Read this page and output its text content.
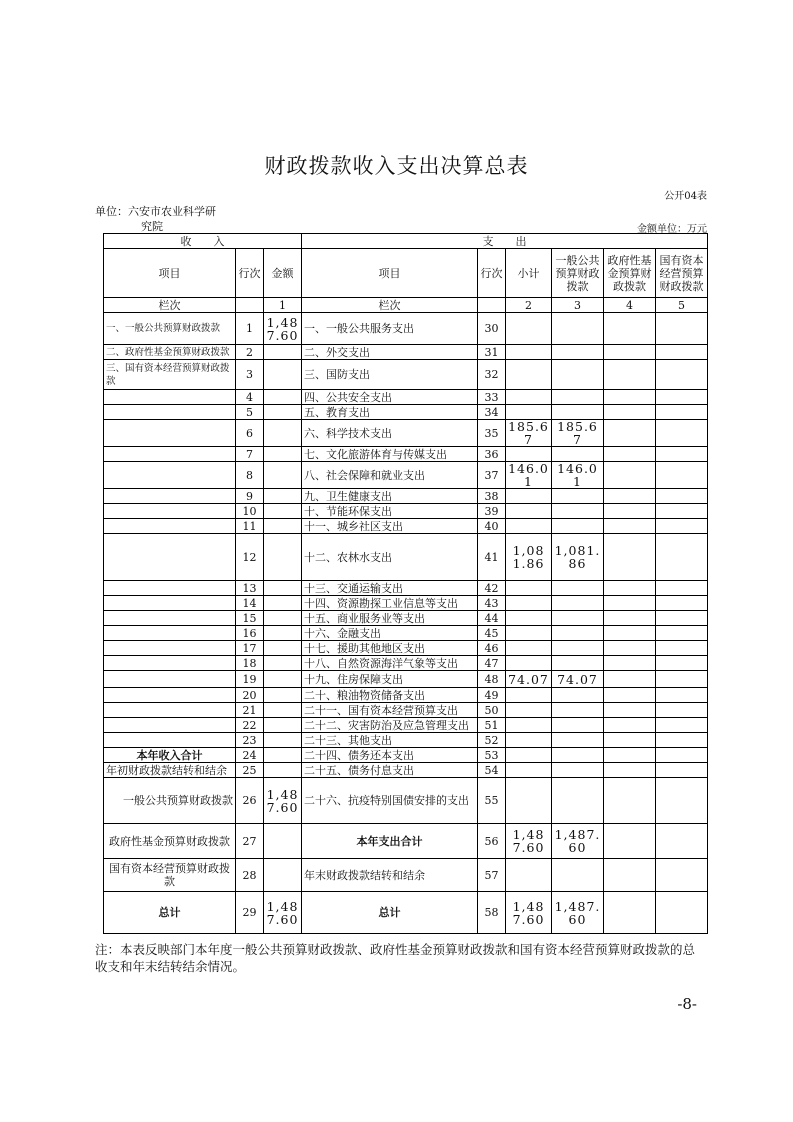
财政拨款收入支出决算总表
公开04表
单位：六安市农业科学研
究院	金额单位：万元
收　　入			支　　出					
项目	行次	金额	项目	行次	小计	一般公共预算财政拨款	政府性基金预算财政拨款	国有资本经营预算财政拨款
栏次		1	栏次		2	3	4	5
一、一般公共预算财政拨款	1	1,487.60	一、一般公共服务支出	30				
二、政府性基金预算财政拨款	2		二、外交支出	31				
三、国有资本经营预算财政拨款	3		三、国防支出	32				
	4		四、公共安全支出	33				
	5		五、教育支出	34				
	6		六、科学技术支出	35	185.67	185.67		
	7		七、文化旅游体育与传媒支出	36				
	8		八、社会保障和就业支出	37	146.01	146.01		
	9		九、卫生健康支出	38				
	10		十、节能环保支出	39				
	11		十一、城乡社区支出	40				
	12		十二、农林水支出	41	1,081.86	1,081.86		
	13		十三、交通运输支出	42				
	14		十四、资源勘探工业信息等支出	43				
	15		十五、商业服务业等支出	44				
	16		十六、金融支出	45				
	17		十七、援助其他地区支出	46				
	18		十八、自然资源海洋气象等支出	47				
	19		十九、住房保障支出	48	74.07	74.07		
	20		二十、粮油物资储备支出	49				
	21		二十一、国有资本经营预算支出	50				
	22		二十二、灾害防治及应急管理支出	51				
	23		二十三、其他支出	52				
本年收入合计	24		二十四、债务还本支出	53				
年初财政拨款结转和结余	25		二十五、债务付息支出	54				
一般公共预算财政拨款	26	1,487.60	二十六、抗疫特别国债安排的支出	55				
政府性基金预算财政拨款	27		本年支出合计	56	1,487.60	1,487.60		
国有资本经营预算财政拨款	28		年末财政拨款结转和结余	57				
总计	29	1,487.60	总计	58	1,487.60	1,487.60		
注：本表反映部门本年度一般公共预算财政拨款、政府性基金预算财政拨款和国有资本经营预算财政拨款的总收支和年末结转结余情况。
-8-
